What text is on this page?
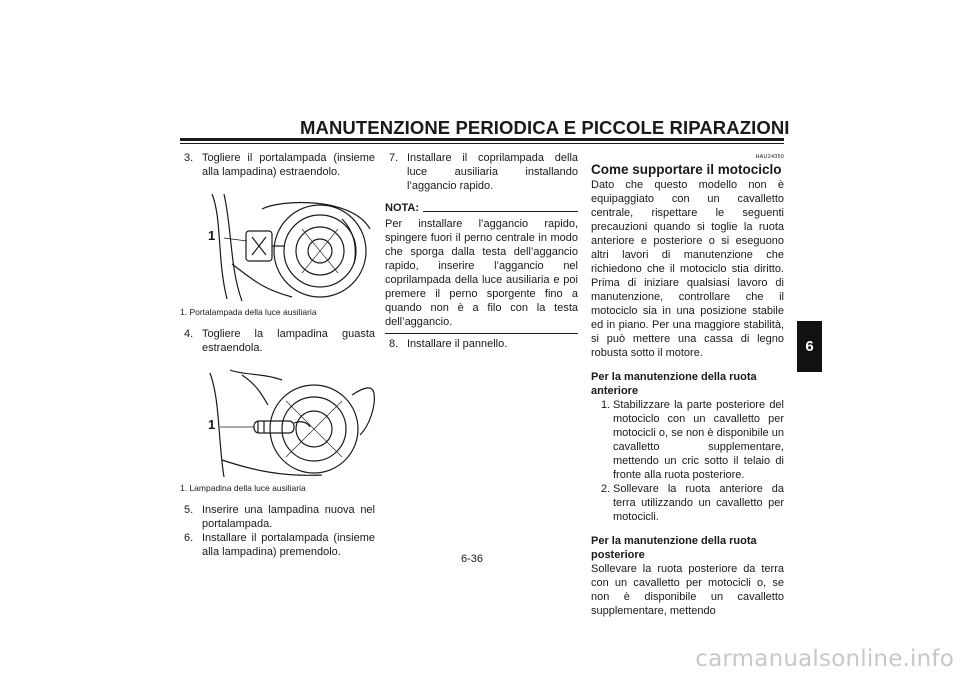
MANUTENZIONE PERIODICA E PICCOLE RIPARAZIONI
6
3. Togliere il portalampada (insieme alla lampadina) estraendolo.
1
1. Portalampada della luce ausiliaria
4. Togliere la lampadina guasta estraendola.
1
1. Lampadina della luce ausiliaria
5. Inserire una lampadina nuova nel portalampada.
6. Installare il portalampada (insieme alla lampadina) premendolo.
7. Installare il coprilampada della luce ausiliaria installando l’aggancio rapido.
NOTA:
Per installare l’aggancio rapido, spingere fuori il perno centrale in modo che sporga dalla testa dell’aggancio rapido, inserire l’aggancio nel coprilampada della luce ausiliaria e poi premere il perno sporgente fino a quando non è a filo con la testa dell’aggancio.
8. Installare il pannello.
HAU24350
Come supportare il motociclo
Dato che questo modello non è equipaggiato con un cavalletto centrale, rispettare le seguenti precauzioni quando si toglie la ruota anteriore e posteriore o si eseguono altri lavori di manutenzione che richiedono che il motociclo stia diritto. Prima di iniziare qualsiasi lavoro di manutenzione, controllare che il motociclo sia in una posizione stabile ed in piano. Per una maggiore stabilità, si può mettere una cassa di legno robusta sotto il motore.
Per la manutenzione della ruota anteriore
1. Stabilizzare la parte posteriore del motociclo con un cavalletto per motocicli o, se non è disponibile un cavalletto supplementare, mettendo un cric sotto il telaio di fronte alla ruota posteriore.
2. Sollevare la ruota anteriore da terra utilizzando un cavalletto per motocicli.
Per la manutenzione della ruota posteriore
Sollevare la ruota posteriore da terra con un cavalletto per motocicli o, se non è disponibile un cavalletto supplementare, mettendo
6-36
carmanualsonline.info
